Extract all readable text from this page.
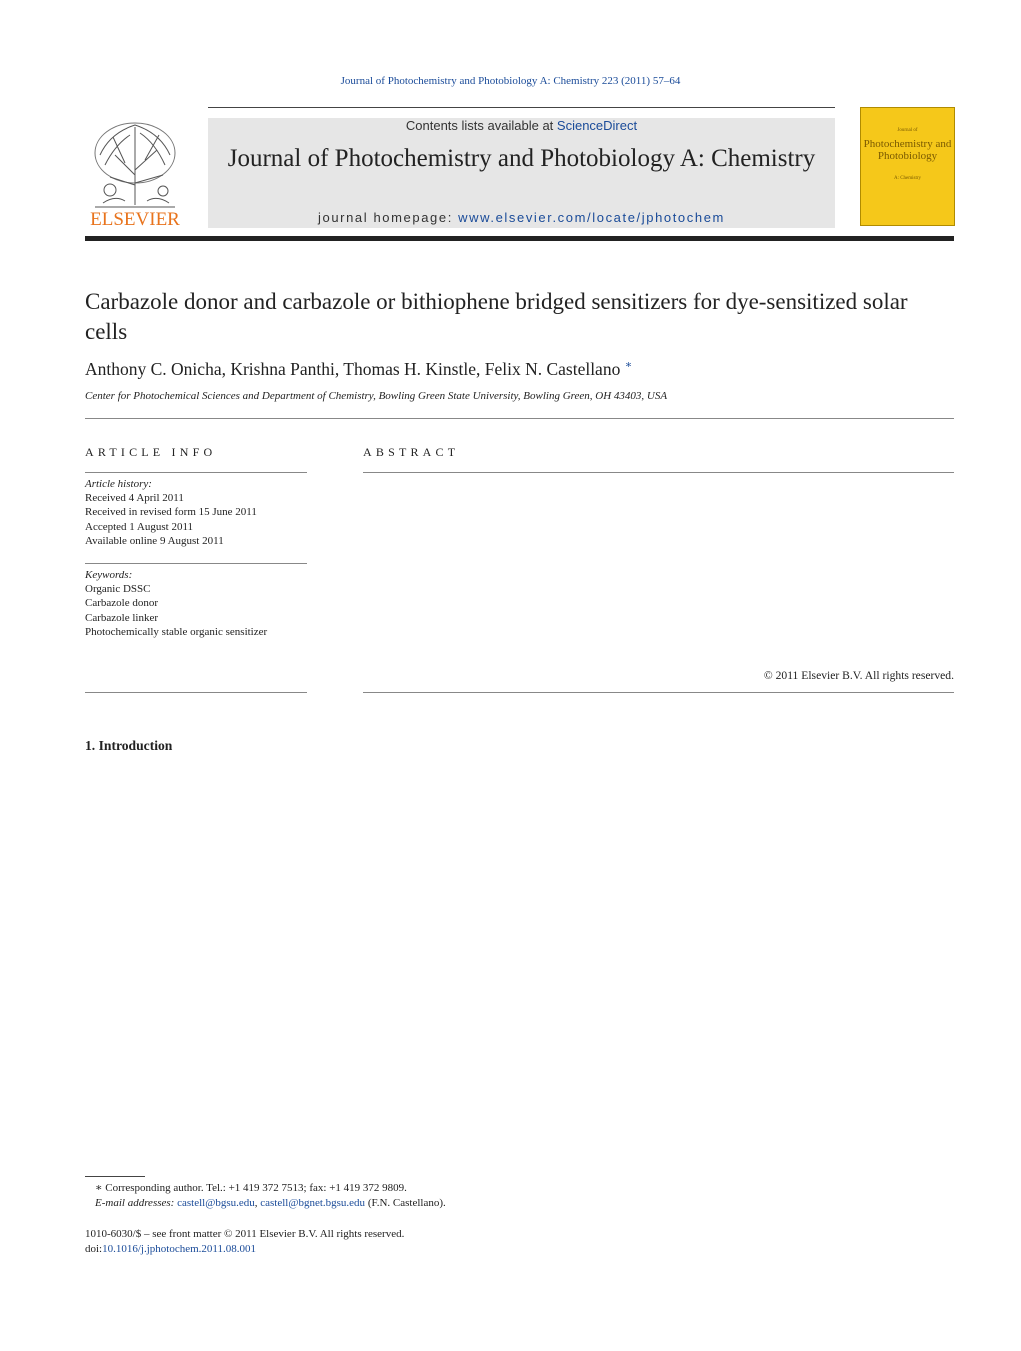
Journal of Photochemistry and Photobiology A: Chemistry 223 (2011) 57–64
Contents lists available at ScienceDirect
Journal of Photochemistry and Photobiology A: Chemistry
journal homepage: www.elsevier.com/locate/jphotochem
ELSEVIER
Journal of
Photochemistry and Photobiology
A: Chemistry
Carbazole donor and carbazole or bithiophene bridged sensitizers for dye-sensitized solar cells
Anthony C. Onicha, Krishna Panthi, Thomas H. Kinstle, Felix N. Castellano ∗
Center for Photochemical Sciences and Department of Chemistry, Bowling Green State University, Bowling Green, OH 43403, USA
ARTICLE INFO	ABSTRACT
Article history:
Received 4 April 2011
Received in revised form 15 June 2011
Accepted 1 August 2011
Available online 9 August 2011
Keywords:
Organic DSSC
Carbazole donor
Carbazole linker
Photochemically stable organic sensitizer
© 2011 Elsevier B.V. All rights reserved.
1. Introduction
∗ Corresponding author. Tel.: +1 419 372 7513; fax: +1 419 372 9809.
E-mail addresses: castell@bgsu.edu, castell@bgnet.bgsu.edu (F.N. Castellano).
1010-6030/$ – see front matter © 2011 Elsevier B.V. All rights reserved.
doi:10.1016/j.jphotochem.2011.08.001
